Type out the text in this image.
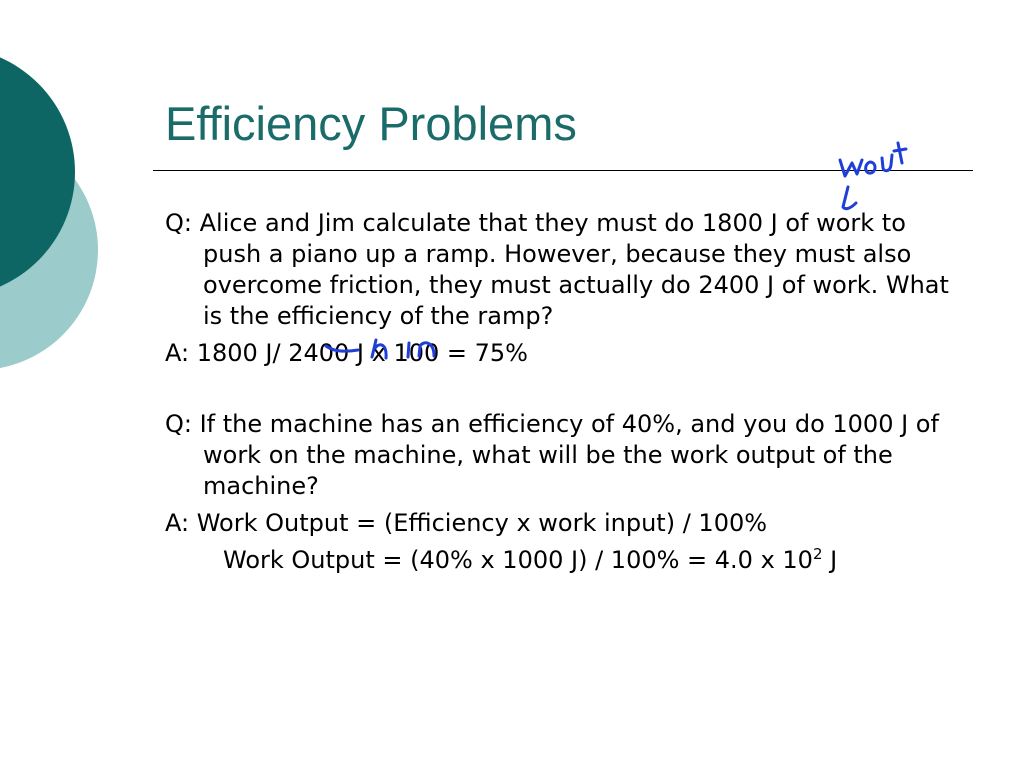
Efficiency Problems

Q: Alice and Jim calculate that they must do 1800 J of work to push a piano up a ramp. However, because they must also overcome friction, they must actually do 2400 J of work. What is the efficiency of the ramp?

A: 1800 J/ 2400 J x 100 = 75%

Q: If the machine has an efficiency of 40%, and you do 1000 J of work on the machine, what will be the work output of the machine?

A: Work Output = (Efficiency x work input) / 100%

Work Output = (40% x 1000 J) / 100% = 4.0 x $10^2$ J
